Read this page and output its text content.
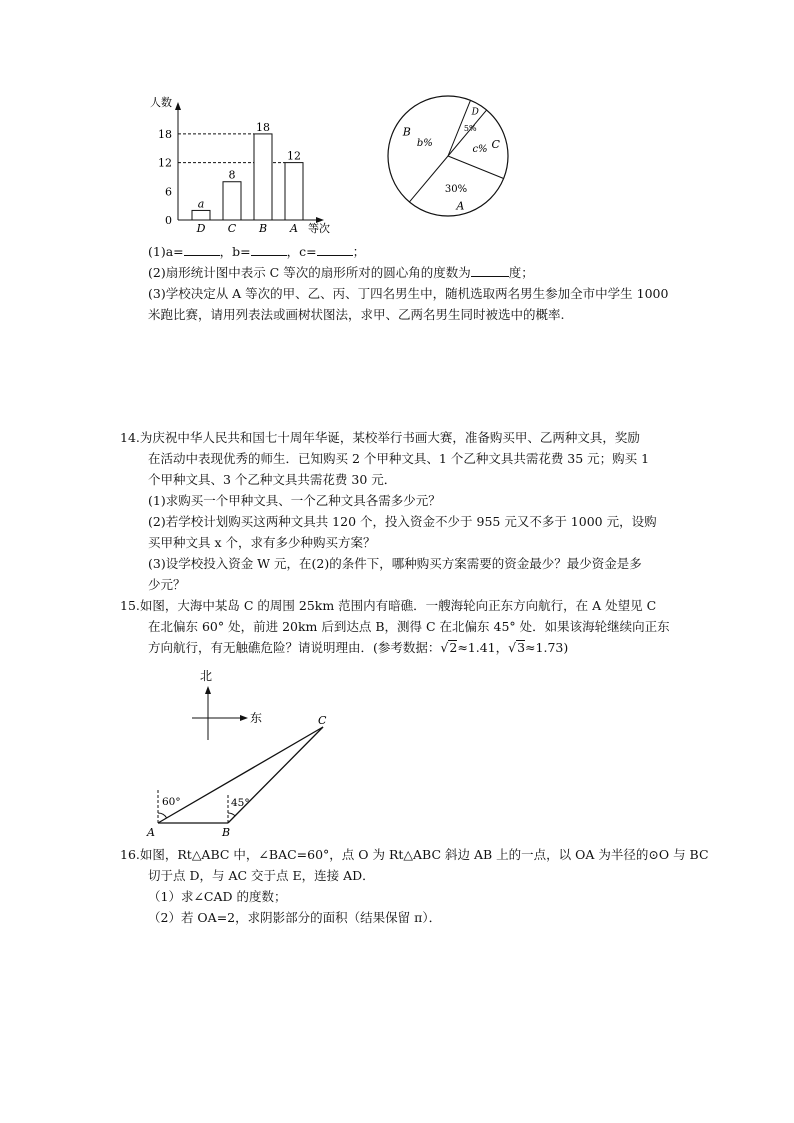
人数
等次
0
6
12
18
a
D
8
C
18
B
12
A
D
5%
C
c%
A
30%
B
b%
(1)a=	，b=	，c=	；
(2)扇形统计图中表示 C 等次的扇形所对的圆心角的度数为	度；
(3)学校决定从 A 等次的甲、乙、丙、丁四名男生中，随机选取两名男生参加全市中学生 1000
米跑比赛，请用列表法或画树状图法，求甲、乙两名男生同时被选中的概率.
14.为庆祝中华人民共和国七十周年华诞，某校举行书画大赛，准备购买甲、乙两种文具，奖励
在活动中表现优秀的师生．已知购买 2 个甲种文具、1 个乙种文具共需花费 35 元；购买 1
个甲种文具、3 个乙种文具共需花费 30 元．
(1)求购买一个甲种文具、一个乙种文具各需多少元？
(2)若学校计划购买这两种文具共 120 个，投入资金不少于 955 元又不多于 1000 元，设购
买甲种文具 x 个，求有多少种购买方案？
(3)设学校投入资金 W 元，在(2)的条件下，哪种购买方案需要的资金最少？最少资金是多
少元？
15.如图，大海中某岛 C 的周围 25km 范围内有暗礁．一艘海轮向正东方向航行，在 A 处望见 C
在北偏东 60° 处，前进 20km 后到达点 B，测得 C 在北偏东 45° 处．如果该海轮继续向正东
方向航行，有无触礁危险？请说明理由．(参考数据：√2≈1.41，√3≈1.73)
北
东
60°	45°
A	B
C
16.如图，Rt△ABC 中，∠BAC=60°，点 O 为 Rt△ABC 斜边 AB 上的一点，以 OA 为半径的⊙O 与 BC
切于点 D，与 AC 交于点 E，连接 AD．
（1）求∠CAD 的度数；
（2）若 OA=2，求阴影部分的面积（结果保留 π）．
